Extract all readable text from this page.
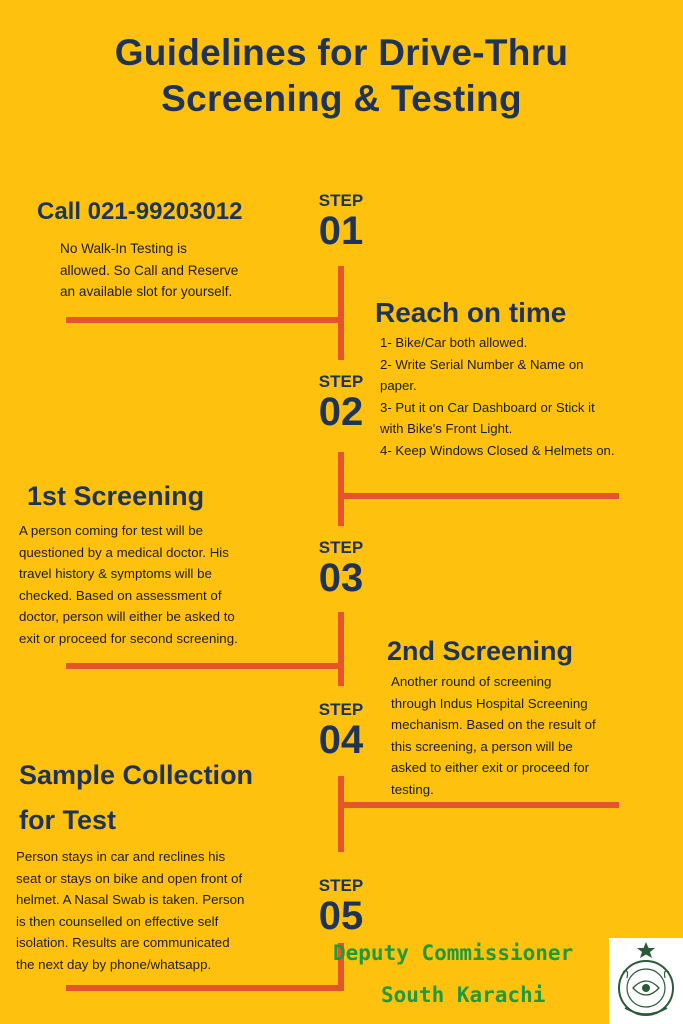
Guidelines for Drive-Thru
Screening & Testing
STEP
01
STEP
02
STEP
03
STEP
04
STEP
05
Call 021-99203012

No Walk-In Testing is

allowed. So Call and Reserve

an available slot for yourself.

Reach on time

1- Bike/Car both allowed.

2- Write Serial Number & Name on

paper.

3- Put it on Car Dashboard or Stick it

with Bike's Front Light.

4- Keep Windows Closed & Helmets on.

1st Screening

A person coming for test will be

questioned by a medical doctor. His

travel history & symptoms will be

checked. Based on assessment of

doctor, person will either be asked to

exit or proceed for second screening.	2nd Screening

Another round of screening

through Indus Hospital Screening

mechanism. Based on the result of

this screening, a person will be

asked to either exit or proceed for

testing.

Sample Collection
for Test

Person stays in car and reclines his

seat or stays on bike and open front of

helmet. A Nasal Swab is taken. Person

is then counselled on effective self

isolation. Results are communicated

the next day by phone/whatsapp.	Deputy Commissioner
South Karachi
